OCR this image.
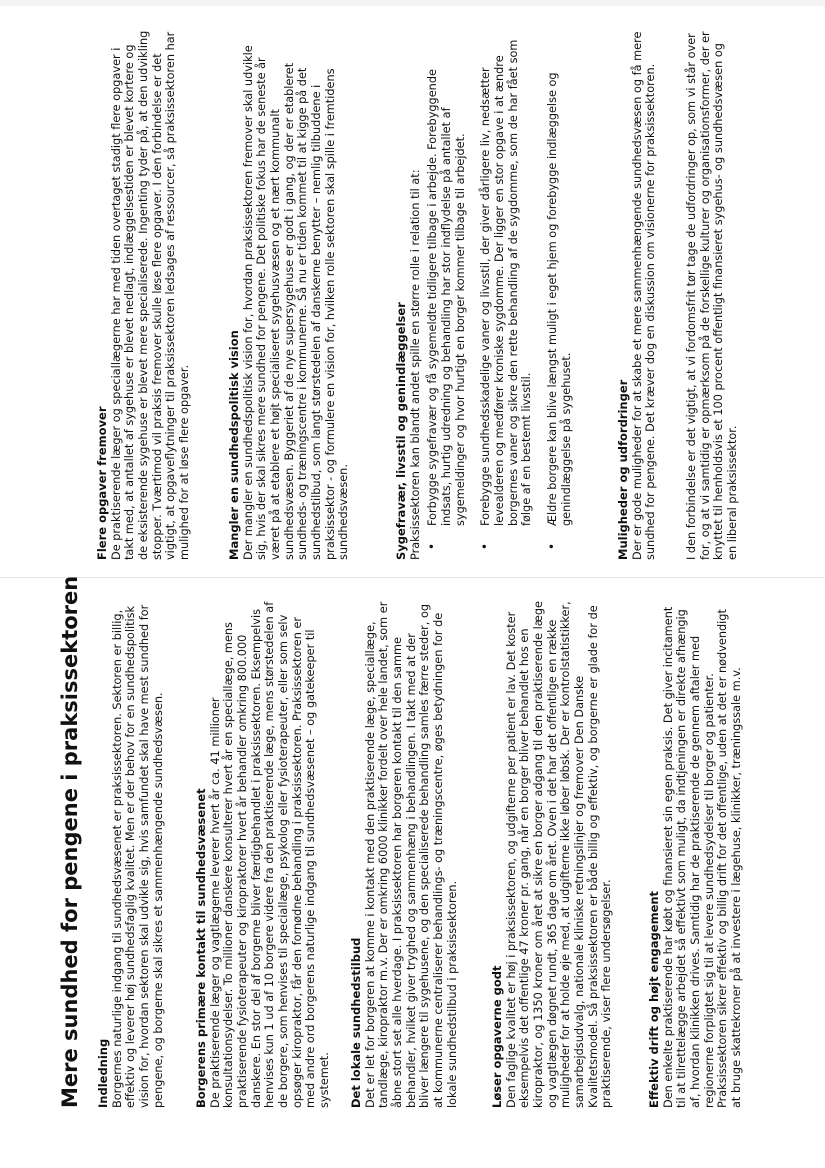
Mere sundhed for pengene i praksissektoren Indledning Borgernes naturlige indgang til sundhedsvæsenet er praksissektoren. Sektoren er billig, effektiv og leverer høj sundhedsfaglig kvalitet. Men er der behov for en sundhedspolitisk vision for, hvordan sektoren skal udvikle sig, hvis samfundet skal have mest sundhed for pengene, og borgerne skal sikres et sammenhængende sundhedsvæsen.	Borgerens primære kontakt til sundhedsvæsenet De praktiserende læger og vagtlægerne leverer hvert år ca. 41 millioner konsultationsydelser. To millioner danskere konsulterer hvert år en speciallæge, mens praktiserende fysioterapeuter og kiropraktorer hvert år behandler omkring 800.000 danskere. En stor del af borgerne bliver færdigbehandlet i praksissektoren. Eksempelvis henvises kun 1 ud af 10 borgere videre fra den praktiserende læge, mens størstedelen af de borgere, som henvises til speciallæge, psykolog eller fysioterapeuter, eller som selv opsøger kiropraktor, får den fornødne behandling i praksissektoren. Praksissektoren er med andre ord borgerens naturlige indgang til sundhedsvæsenet – og gatekeeper til systemet. Det lokale sundhedstilbud Det er let for borgeren at komme i kontakt med den praktiserende læge, speciallæge, tandlæge, kiropraktor m.v. Der er omkring 6000 klinikker fordelt over hele landet, som er åbne stort set alle hverdage. I praksissektoren har borgeren kontakt til den samme behandler, hvilket giver tryghed og sammenhæng i behandlingen. I takt med at der bliver længere til sygehusene, og den specialiserede behandling samles færre steder, og at kommunerne centraliserer behandlings- og træningscentre, øges betydningen for de lokale sundhedstilbud i praksissektoren.	Løser opgaverne godt Den faglige kvalitet er høj i praksissektoren, og udgifterne per patient er lav. Det koster eksempelvis det offentlige 47 kroner pr. gang, når en borger bliver behandlet hos en kiropraktor, og 1350 kroner om året at sikre en borger adgang til den praktiserende læge og vagtlægen døgnet rundt, 365 dage om året. Oven i det har det offentlige en række muligheder for at holde øje med, at udgifterne ikke løber løbsk. Der er kontrolstatistikker, samarbejdsudvalg, nationale kliniske retningslinjer og fremover Den Danske Kvalitetsmodel. Så praksissektoren er både billig og effektiv, og borgerne er glade for de praktiserende, viser flere undersøgelser.	Effektiv drift og højt engagement Den enkelte praktiserende har købt og finansieret sin egen praksis. Det giver incitament til at tilrettelægge arbejdet så effektivt som muligt, da indtjeningen er direkte afhængig af, hvordan klinikken drives. Samtidig har de praktiserende de gennem aftaler med regionerne forpligtet sig til at levere sundhedsydelser til borger og patienter. Praksissektoren sikrer effektiv og billig drift for det offentlige, uden at det er nødvendigt at bruge skattekroner på at investere i lægehuse, klinikker, træningssale m.v.

Flere opgaver fremover De praktiserende læger og speciallægerne har med tiden overtaget stadigt flere opgaver i takt med, at antallet af sygehuse er blevet nedlagt, indlæggelsestiden er blevet kortere og de eksisterende sygehuse er blevet mere specialiserede. Ingenting tyder på, at den udvikling stopper. Tværtimod vil praksis fremover skulle løse flere opgaver. I den forbindelse er det vigtigt, at opgaveflytninger til praksissektoren ledsages af ressourcer, så praksissektoren har mulighed for at løse flere opgaver.	Mangler en sundhedspolitisk vision Der mangler en sundhedspolitisk vision for, hvordan praksissektoren fremover skal udvikle sig, hvis der skal sikres mere sundhed for pengene. Det politiske fokus har de seneste år været på at etablere et højt specialiseret sygehusvæsen og et nært kommunalt sundhedsvæsen. Byggeriet af de nye supersygehuse er godt i gang, og der er etableret sundheds- og træningscentre i kommunerne. Så nu er tiden kommet til at kigge på det sundhedstilbud, som langt størstedelen af danskerne benytter – nemlig tilbuddene i praksissektor - og formulere en vision for, hvilken rolle sektoren skal spille i fremtidens sundhedsvæsen.	Sygefravær, livsstil og genindlæggelser Praksissektoren kan blandt andet spille en større rolle i relation til at: • Forbygge sygefravær og få sygemeldte tidligere tilbage i arbejde. Forebyggende indsats, hurtig udredning og behandling har stor indflydelse på antallet af sygemeldinger og hvor hurtigt en borger kommer tilbage til arbejdet. • Forebygge sundhedsskadelige vaner og livsstil, der giver dårligere liv, nedsætter levealderen og medfører kroniske sygdomme. Der ligger en stor opgave i at ændre borgernes vaner og sikre den rette behandling af de sygdomme, som de har fået som følge af en bestemt livsstil. • Ældre borgere kan blive længst muligt i eget hjem og forebygge indlæggelse og genindlæggelse på sygehuset.	Muligheder og udfordringer Der er gode muligheder for at skabe et mere sammenhængende sundhedsvæsen og få mere sundhed for pengene. Det kræver dog en diskussion om visionerne for praksissektoren. I den forbindelse er det vigtigt, at vi fordomsfrit tør tage de udfordringer op, som vi står over for, og at vi samtidig er opmærksom på de forskellige kulturer og organisationsformer, der er knyttet til henholdsvis et 100 procent offentligt finansieret sygehus- og sundhedsvæsen og en liberal praksissektor.
